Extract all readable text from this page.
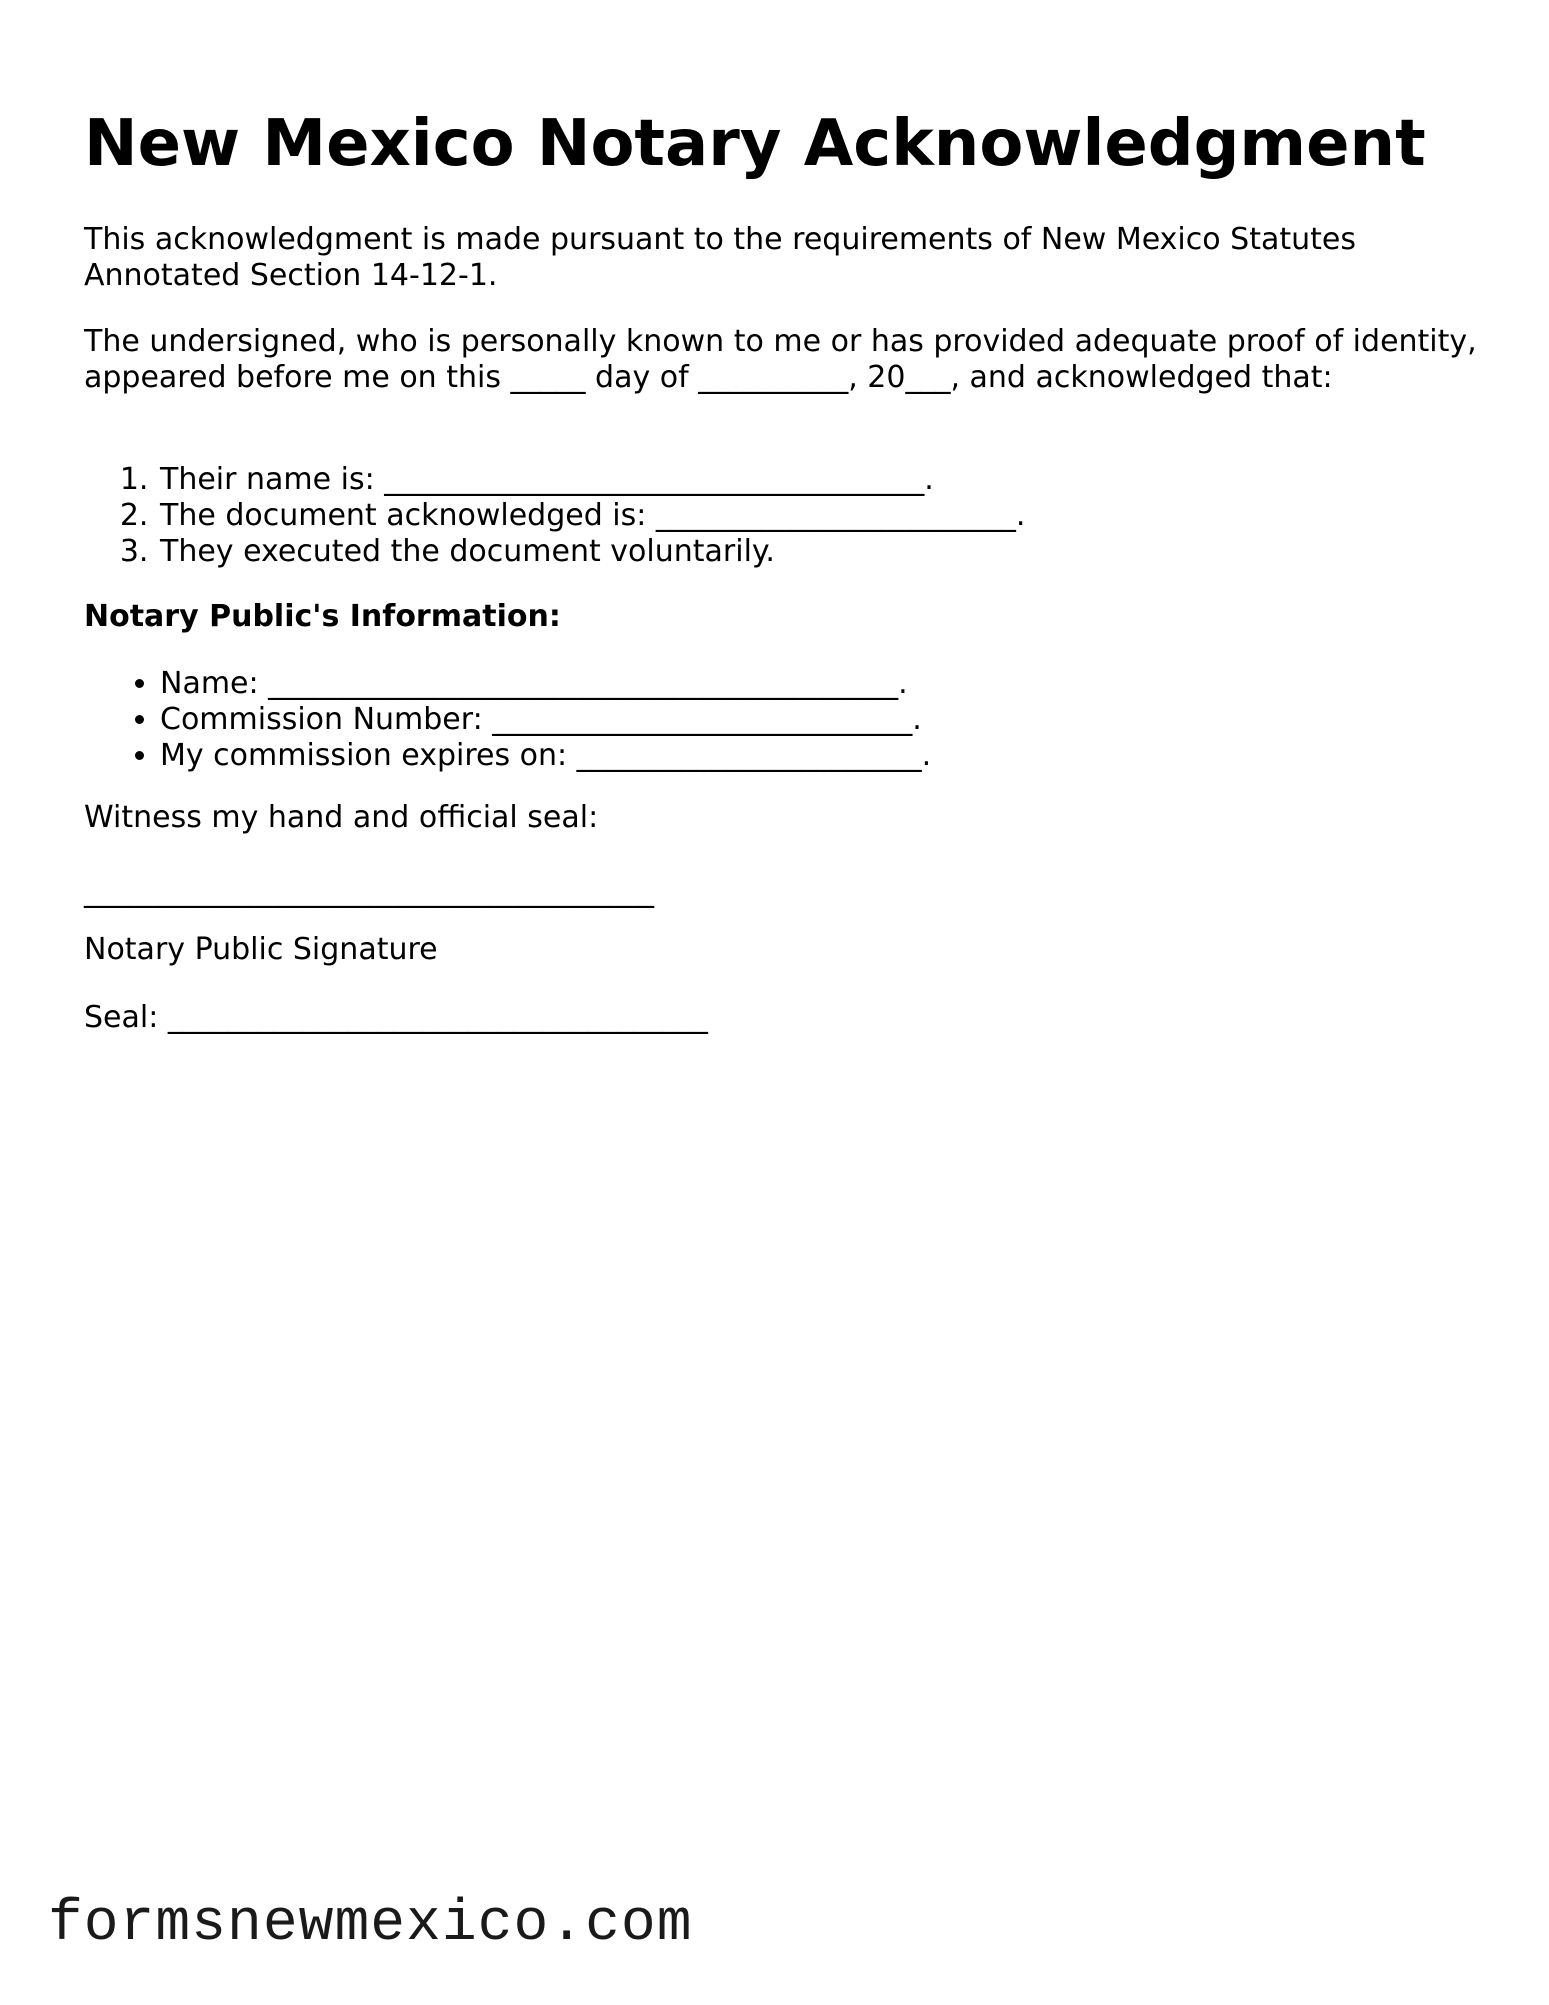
New Mexico Notary Acknowledgment

This acknowledgment is made pursuant to the requirements of New Mexico Statutes Annotated Section 14-12-1.

The undersigned, who is personally known to me or has provided adequate proof of identity, appeared before me on this _____ day of __________, 20___, and acknowledged that:

1. Their name is: ____________________________________.
2. The document acknowledged is: ________________________.
3. They executed the document voluntarily.

Notary Public's Information:

• Name: __________________________________________.
• Commission Number: ____________________________.
• My commission expires on: _______________________.

Witness my hand and official seal:

______________________________________

Notary Public Signature

Seal: ____________________________________

formsnewmexico.com
